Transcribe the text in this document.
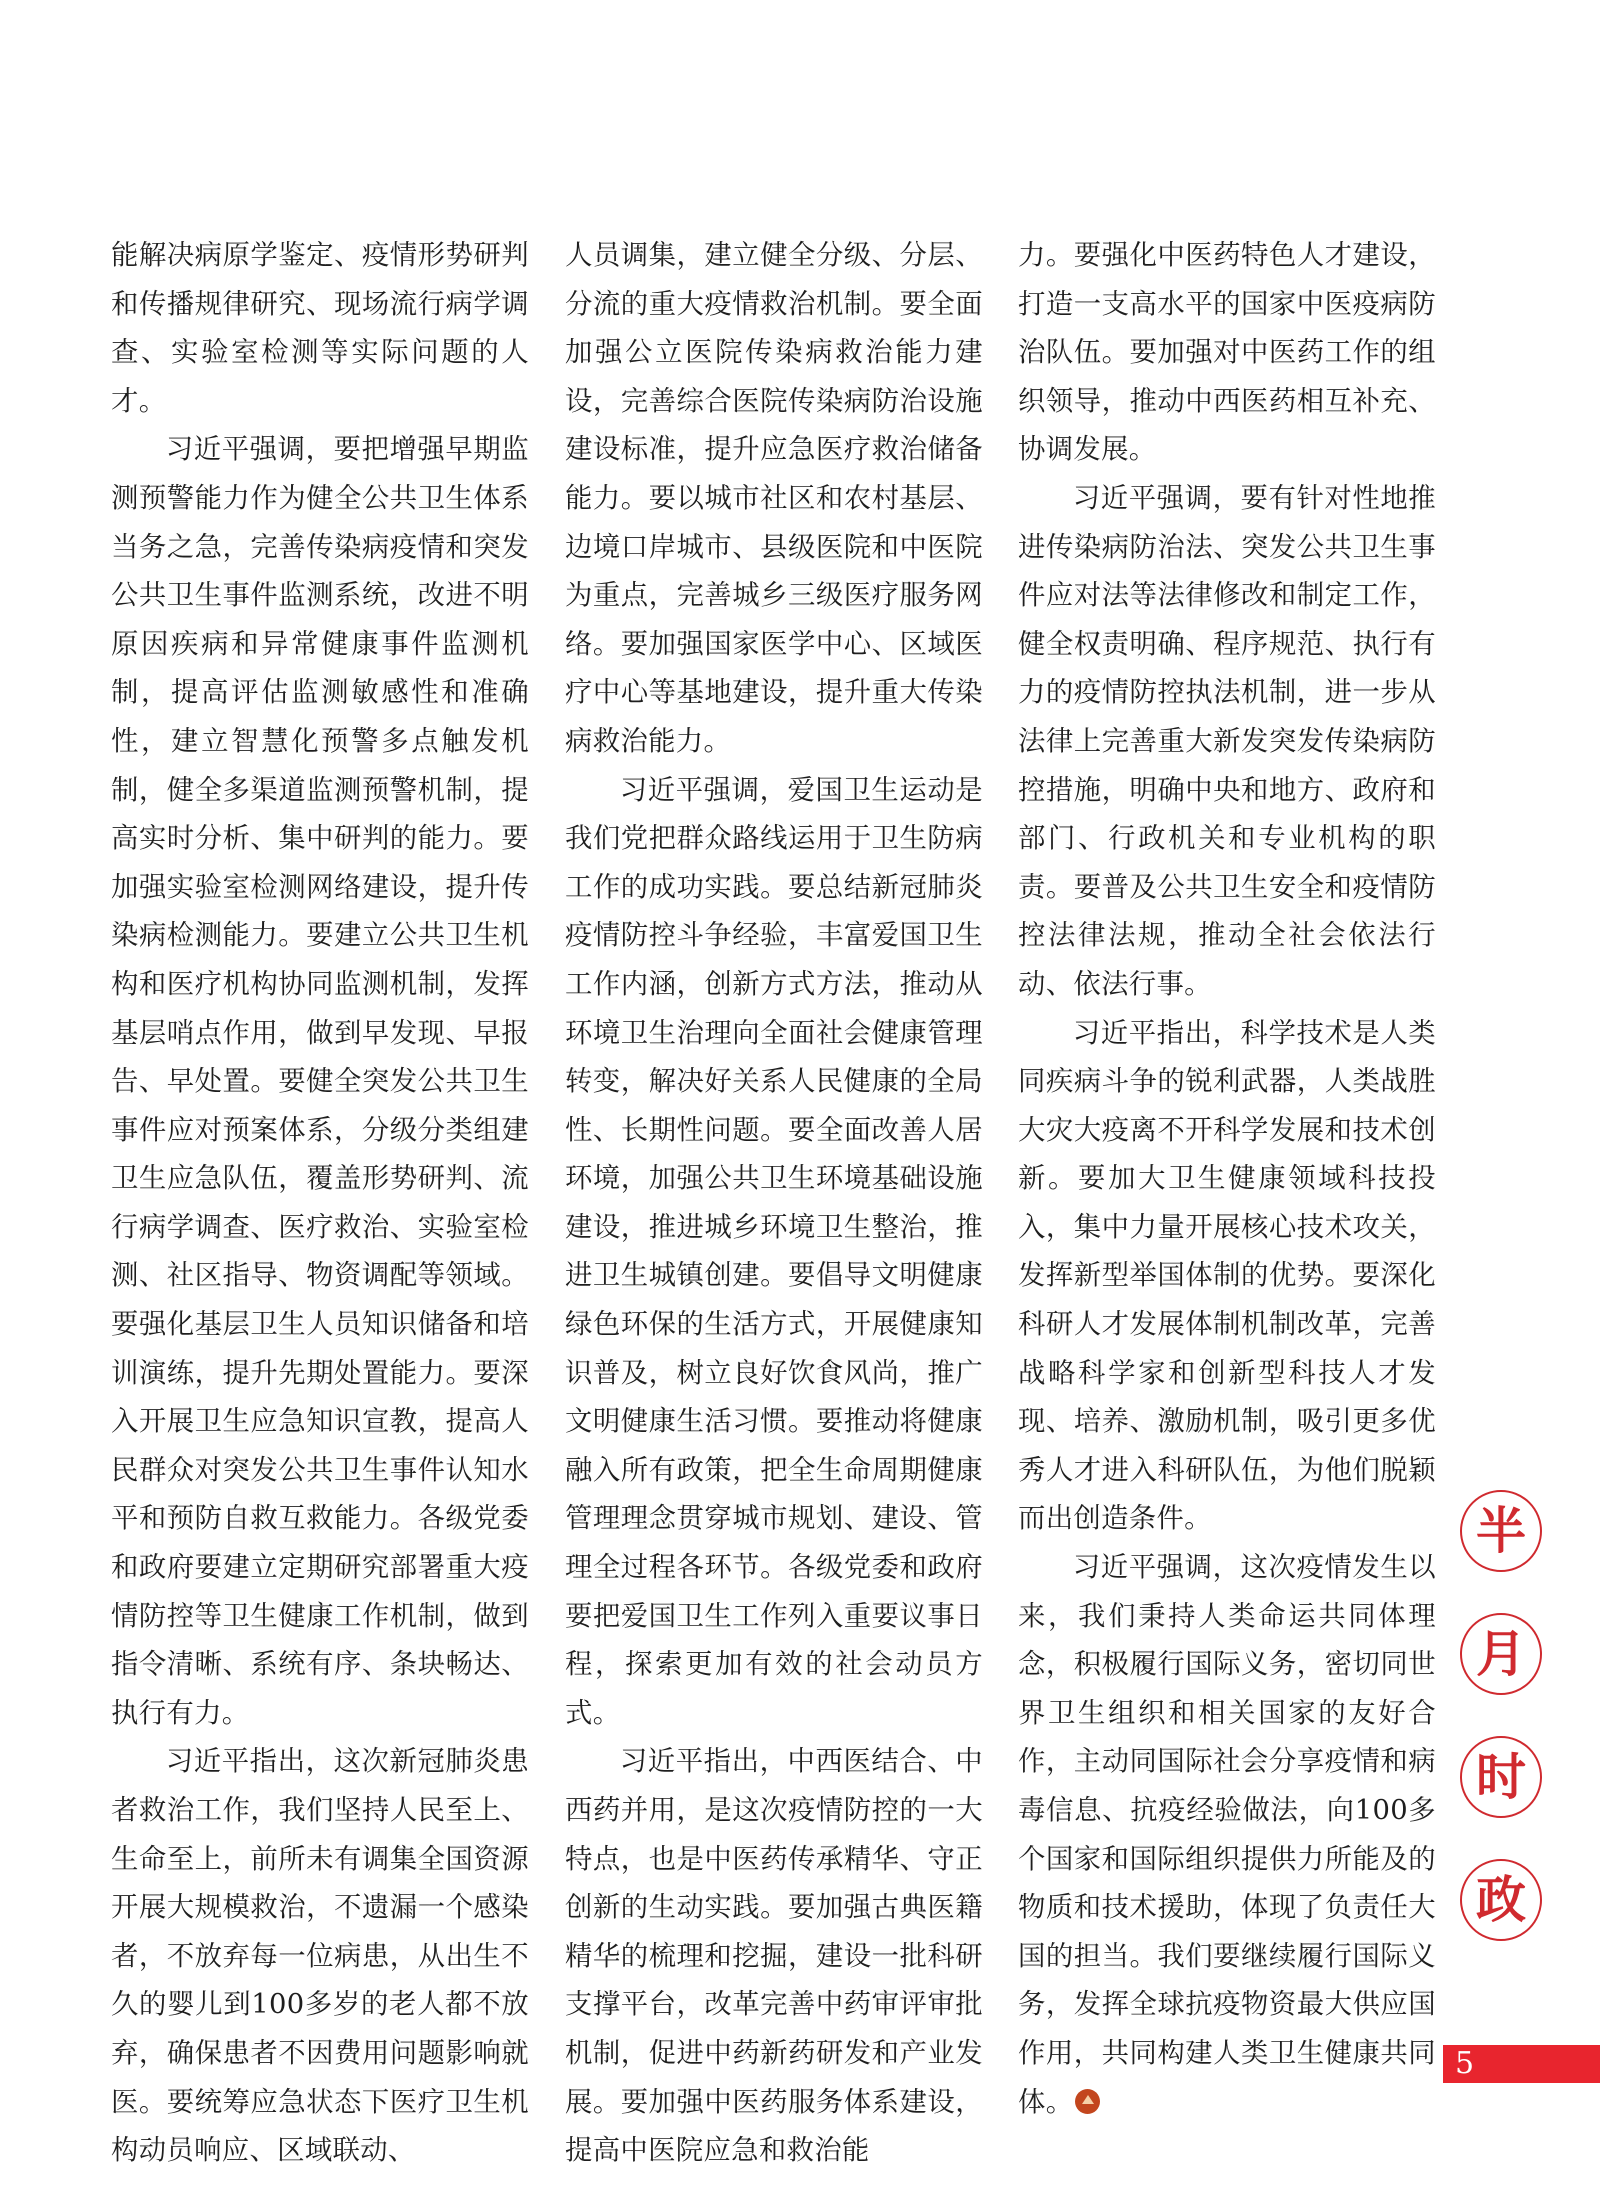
能解决病原学鉴定、疫情形势研判和传播规律研究、现场流行病学调查、实验室检测等实际问题的人才。

习近平强调，要把增强早期监测预警能力作为健全公共卫生体系当务之急，完善传染病疫情和突发公共卫生事件监测系统，改进不明原因疾病和异常健康事件监测机制，提高评估监测敏感性和准确性，建立智慧化预警多点触发机制，健全多渠道监测预警机制，提高实时分析、集中研判的能力。要加强实验室检测网络建设，提升传染病检测能力。要建立公共卫生机构和医疗机构协同监测机制，发挥基层哨点作用，做到早发现、早报告、早处置。要健全突发公共卫生事件应对预案体系，分级分类组建卫生应急队伍，覆盖形势研判、流行病学调查、医疗救治、实验室检测、社区指导、物资调配等领域。要强化基层卫生人员知识储备和培训演练，提升先期处置能力。要深入开展卫生应急知识宣教，提高人民群众对突发公共卫生事件认知水平和预防自救互救能力。各级党委和政府要建立定期研究部署重大疫情防控等卫生健康工作机制，做到指令清晰、系统有序、条块畅达、执行有力。

习近平指出，这次新冠肺炎患者救治工作，我们坚持人民至上、生命至上，前所未有调集全国资源开展大规模救治，不遗漏一个感染者，不放弃每一位病患，从出生不久的婴儿到100多岁的老人都不放弃，确保患者不因费用问题影响就医。要统筹应急状态下医疗卫生机构动员响应、区域联动、

人员调集，建立健全分级、分层、分流的重大疫情救治机制。要全面加强公立医院传染病救治能力建设，完善综合医院传染病防治设施建设标准，提升应急医疗救治储备能力。要以城市社区和农村基层、边境口岸城市、县级医院和中医院为重点，完善城乡三级医疗服务网络。要加强国家医学中心、区域医疗中心等基地建设，提升重大传染病救治能力。

习近平强调，爱国卫生运动是我们党把群众路线运用于卫生防病工作的成功实践。要总结新冠肺炎疫情防控斗争经验，丰富爱国卫生工作内涵，创新方式方法，推动从环境卫生治理向全面社会健康管理转变，解决好关系人民健康的全局性、长期性问题。要全面改善人居环境，加强公共卫生环境基础设施建设，推进城乡环境卫生整治，推进卫生城镇创建。要倡导文明健康绿色环保的生活方式，开展健康知识普及，树立良好饮食风尚，推广文明健康生活习惯。要推动将健康融入所有政策，把全生命周期健康管理理念贯穿城市规划、建设、管理全过程各环节。各级党委和政府要把爱国卫生工作列入重要议事日程，探索更加有效的社会动员方式。

习近平指出，中西医结合、中西药并用，是这次疫情防控的一大特点，也是中医药传承精华、守正创新的生动实践。要加强古典医籍精华的梳理和挖掘，建设一批科研支撑平台，改革完善中药审评审批机制，促进中药新药研发和产业发展。要加强中医药服务体系建设，提高中医院应急和救治能

力。要强化中医药特色人才建设，打造一支高水平的国家中医疫病防治队伍。要加强对中医药工作的组织领导，推动中西医药相互补充、协调发展。

习近平强调，要有针对性地推进传染病防治法、突发公共卫生事件应对法等法律修改和制定工作，健全权责明确、程序规范、执行有力的疫情防控执法机制，进一步从法律上完善重大新发突发传染病防控措施，明确中央和地方、政府和部门、行政机关和专业机构的职责。要普及公共卫生安全和疫情防控法律法规，推动全社会依法行动、依法行事。

习近平指出，科学技术是人类同疾病斗争的锐利武器，人类战胜大灾大疫离不开科学发展和技术创新。要加大卫生健康领域科技投入，集中力量开展核心技术攻关，发挥新型举国体制的优势。要深化科研人才发展体制机制改革，完善战略科学家和创新型科技人才发现、培养、激励机制，吸引更多优秀人才进入科研队伍，为他们脱颖而出创造条件。

习近平强调，这次疫情发生以来，我们秉持人类命运共同体理念，积极履行国际义务，密切同世界卫生组织和相关国家的友好合作，主动同国际社会分享疫情和病毒信息、抗疫经验做法，向100多个国家和国际组织提供力所能及的物质和技术援助，体现了负责任大国的担当。我们要继续履行国际义务，发挥全球抗疫物资最大供应国作用，共同构建人类卫生健康共同体。

半
月
时
政
5
